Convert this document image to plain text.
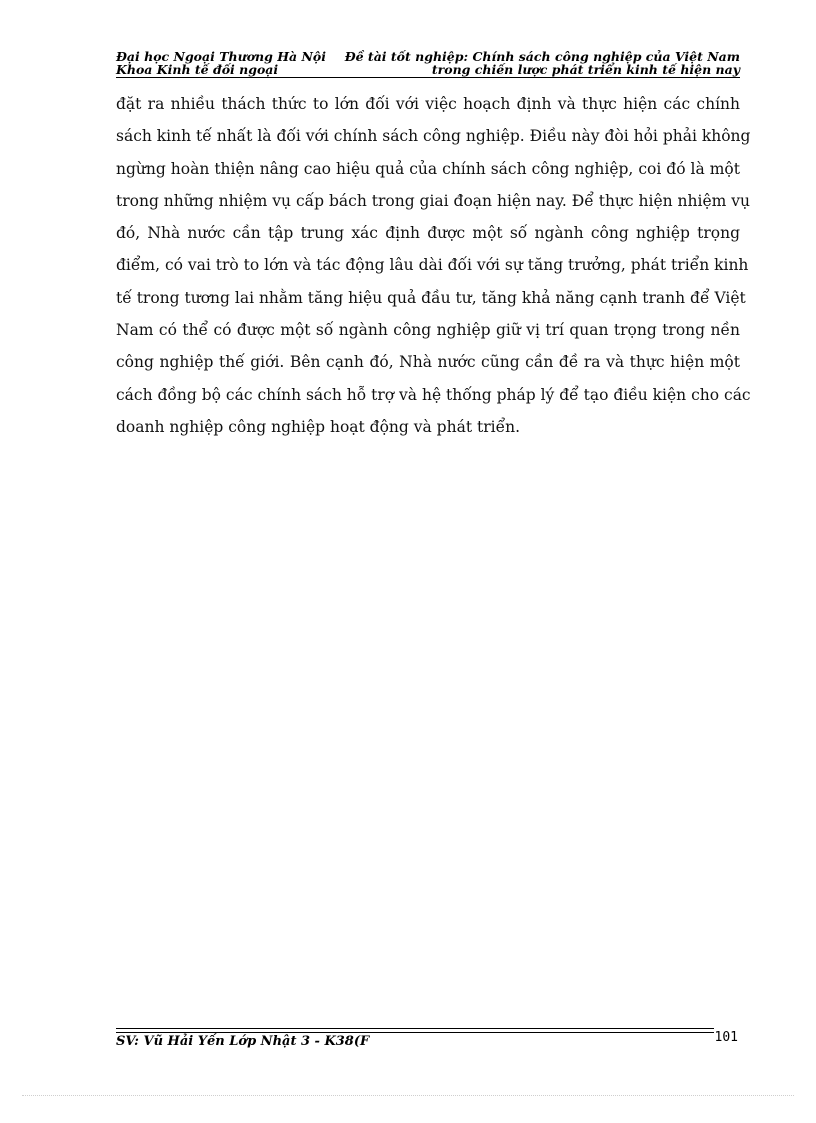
Đại học Ngoại Thương Hà Nội Đề tài tốt nghiệp: Chính sách công nghiệp của Việt Nam
Khoa Kinh tế đối ngoại	trong chiến lược phát triển kinh tế hiện nay
đặt ra nhiều thách thức to lớn đối với việc hoạch định và thực hiện các chính
sách kinh tế nhất là đối với chính sách công nghiệp. Điều này đòi hỏi phải không
ngừng hoàn thiện nâng cao hiệu quả của chính sách công nghiệp, coi đó là một
trong những nhiệm vụ cấp bách trong giai đoạn hiện nay. Để thực hiện nhiệm vụ
đó, Nhà nước cần tập trung xác định được một số ngành công nghiệp trọng
điểm, có vai trò to lớn và tác động lâu dài đối với sự tăng trưởng, phát triển kinh
tế trong tương lai nhằm tăng hiệu quả đầu tư, tăng khả năng cạnh tranh để Việt
Nam có thể có được một số ngành công nghiệp giữ vị trí quan trọng trong nền
công nghiệp thế giới. Bên cạnh đó, Nhà nước cũng cần đề ra và thực hiện một
cách đồng bộ các chính sách hỗ trợ và hệ thống pháp lý để tạo điều kiện cho các
doanh nghiệp công nghiệp hoạt động và phát triển.
SV: Vũ Hải Yến Lớp Nhật 3 - K38(F	101
